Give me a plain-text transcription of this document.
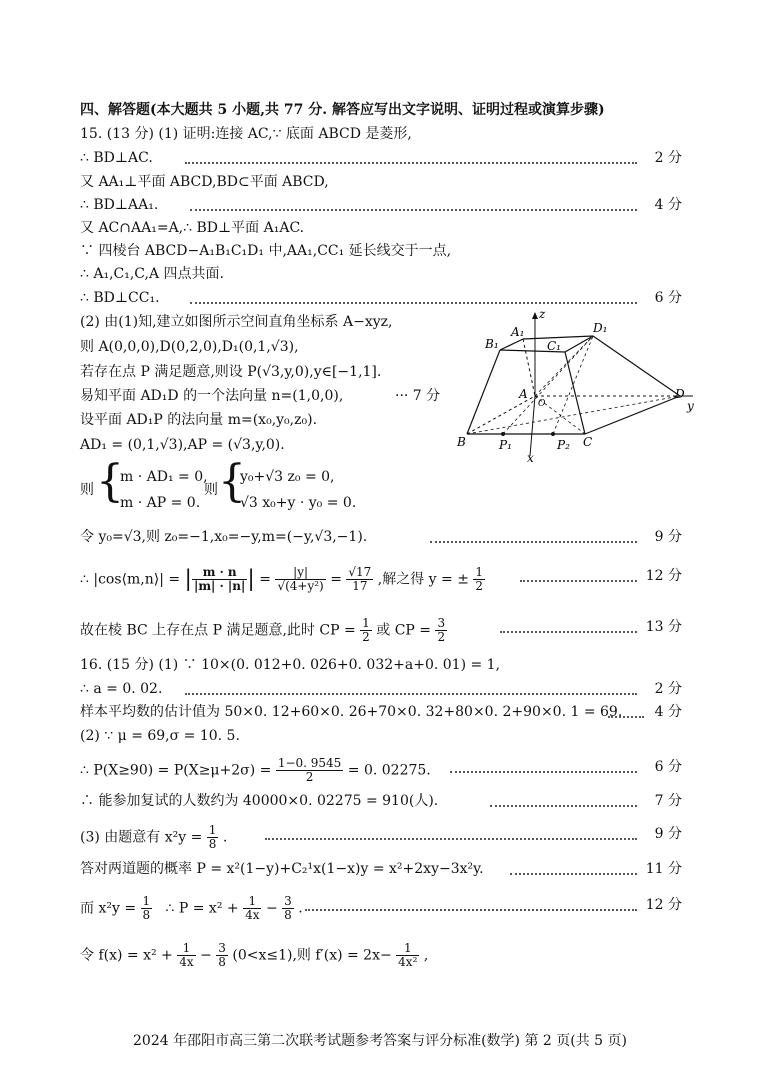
四、解答题(本大题共 5 小题,共 77 分. 解答应写出文字说明、证明过程或演算步骤)
15. (13 分) (1) 证明:连接 AC,∵ 底面 ABCD 是菱形,
∴ BD⊥AC.	2 分
又 AA₁⊥平面 ABCD,BD⊂平面 ABCD,
∴ BD⊥AA₁.	4 分
又 AC∩AA₁=A,∴ BD⊥平面 A₁AC.
∵ 四棱台 ABCD−A₁B₁C₁D₁ 中,AA₁,CC₁ 延长线交于一点,
∴ A₁,C₁,C,A 四点共面.
∴ BD⊥CC₁.	6 分
(2) 由(1)知,建立如图所示空间直角坐标系 A−xyz,
则 A(0,0,0),D(0,2,0),D₁(0,1,√3),
若存在点 P 满足题意,则设 P(√3,y,0),y∈[−1,1].
易知平面 AD₁D 的一个法向量 n=(1,0,0),	··· 7 分
设平面 AD₁P 的法向量 m=(x₀,y₀,z₀).
AD₁ = (0,1,√3),AP = (√3,y,0).
则 {
m · AD₁ = 0,
m · AP = 0.
则 {
y₀+√3 z₀ = 0,
√3 x₀+y · y₀ = 0.
令 y₀=√3,则 z₀=−1,x₀=−y,m=(−y,√3,−1).	9 分
∴ |cos⟨m,n⟩| = | $\frac{m \cdot n}{|m| \cdot |n|}$ | = $\frac{|y|}{\text{√(4+y²)}} = \frac{√17}{17}$ ,解之得 y = ± $\frac{1}{2}$	12 分
故在棱 BC 上存在点 P 满足题意,此时 CP = $\frac{1}{2}$ 或 CP = $\frac{3}{2}$	13 分
16. (15 分) (1) ∵ 10×(0. 012+0. 026+0. 032+a+0. 01) = 1,
∴ a = 0. 02.	2 分
样本平均数的估计值为 50×0. 12+60×0. 26+70×0. 32+80×0. 2+90×0. 1 = 69. 4 分
(2) ∵ μ = 69,σ = 10. 5.
∴ $P(X\ge 90) = P(X\ge\mu+2\sigma) = \frac{1-0. 9545}{2} = 0$. 02275.	6 分
∴ 能参加复试的人数约为 40000×0. 02275 = 910(人).	7 分
(3) 由题意有 $x^2y = \frac{1}{8}$ .	9 分
答对两道题的概率 P = x²(1−y)+C₂¹x(1−x)y = x²+2xy−3x²y.	11 分
而 $x^2y = \frac{1}{8}$ ∴ $P = x^2 + \frac{1}{4x} - \frac{3}{8}$ .	12 分
令 $f(x) = x^2 + \frac{1}{4x} - \frac{3}{8} (0<x\le 1)$,则 $f'(x) = 2x- \frac{1}{\text{4x²}}$ ,
A₁	D₁
B₁	C₁
A	D
B	C
P₁	P₂
z
y
x
O
2024 年邵阳市高三第二次联考试题参考答案与评分标准(数学) 第 2 页(共 5 页)
